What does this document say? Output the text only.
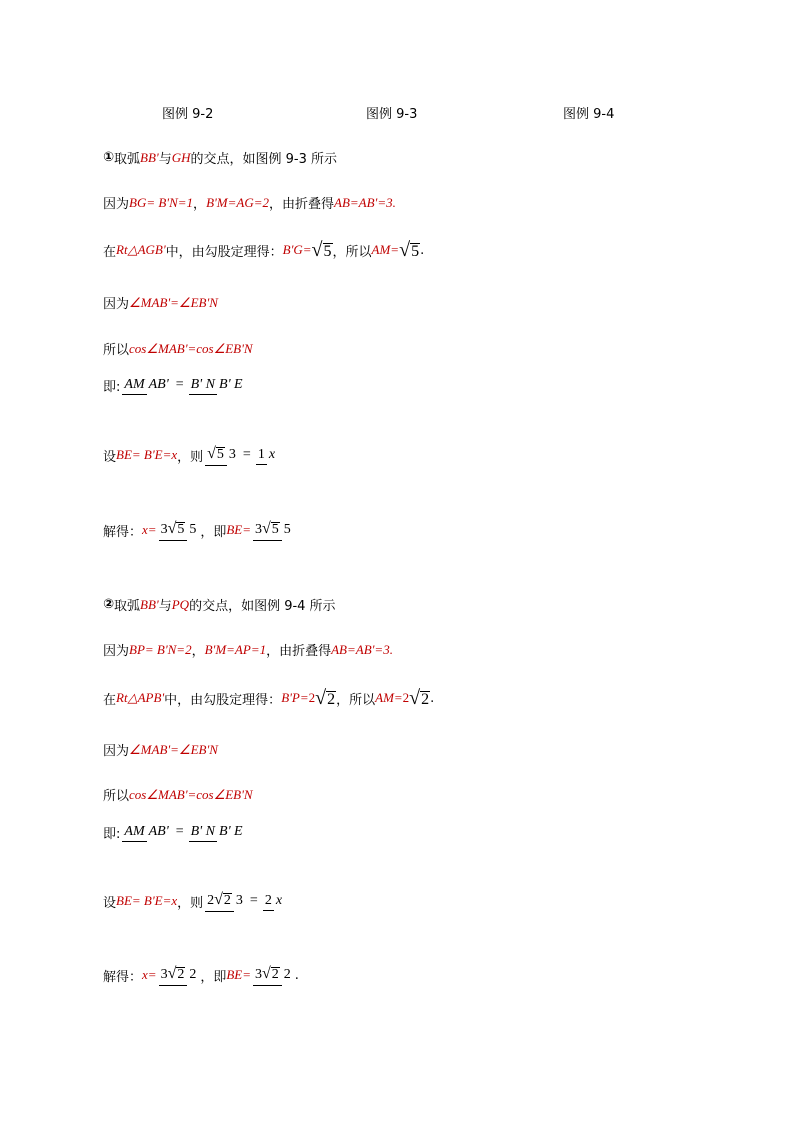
图例 9-2	图例 9-3	图例 9-4
① 取弧 BB' 与 GH 的交点，如图例 9-3 所示
因为 BG= B'N=1 ， B'M=AG=2 ，由折叠得 AB=AB'=3.
在 Rt△AGB' 中，由勾股定理得： B'G= √5 ，所以 AM= √5 .
因为 ∠MAB'=∠EB'N
所以 cos∠MAB'=cos∠EB'N
即: AM AB' = B' N B' E
设 BE= B'E=x ，则 √5 3 = 1 x
解得： x= 3√5 5 ，即 BE= 3√5 5
② 取弧 BB' 与 PQ 的交点，如图例 9-4 所示
因为 BP= B'N=2 ， B'M=AP=1 ，由折叠得 AB=AB'=3.
在 Rt△APB' 中，由勾股定理得： B'P= 2 √2 ，所以 AM= 2 √2 .
因为 ∠MAB'=∠EB'N
所以 cos∠MAB'=cos∠EB'N
即: AM AB' = B' N B' E
设 BE= B'E=x ，则 2√2 3 = 2 x
解得： x= 3√2 2 ，即 BE= 3√2 2 .
